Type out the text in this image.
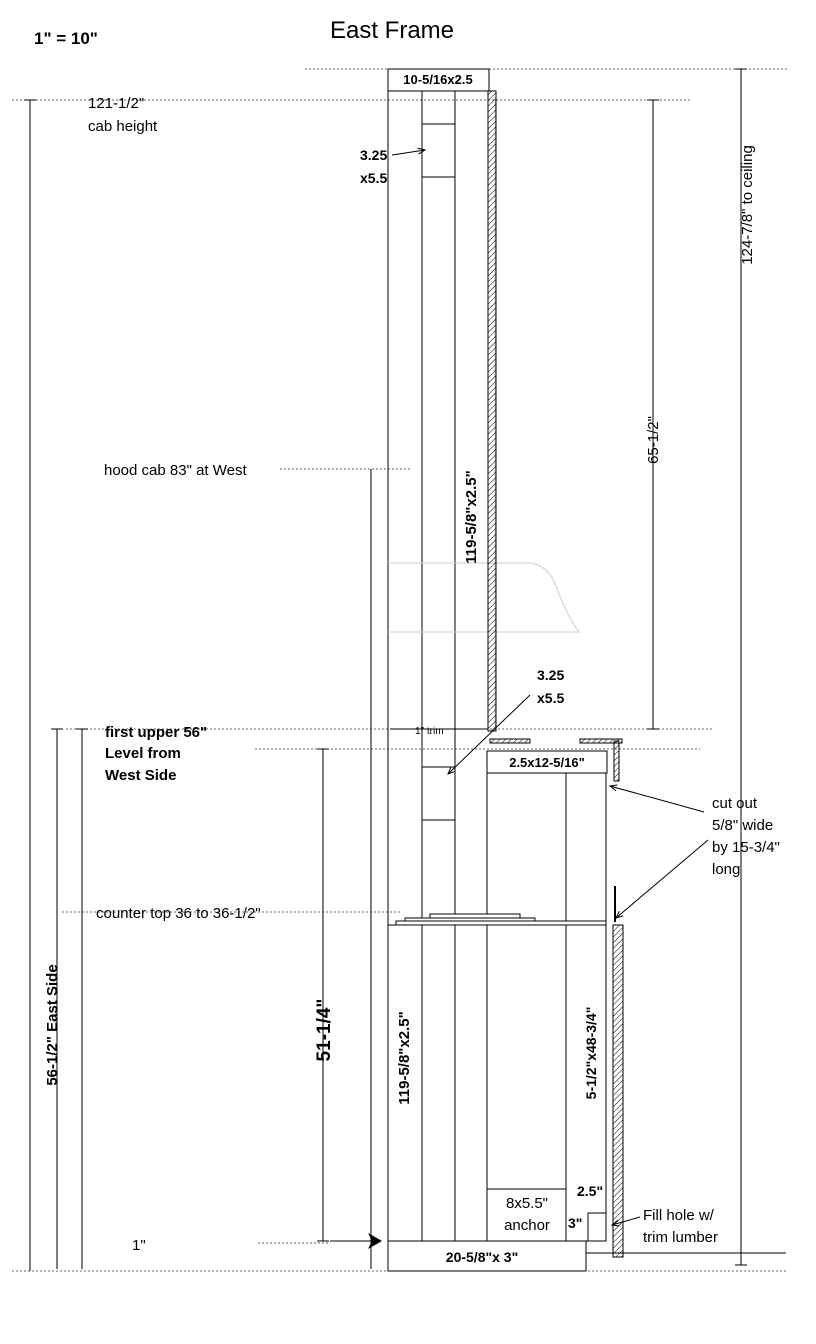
East Frame
1" = 10"
121-1/2"
cab height
10-5/16x2.5
3.25
x5.5
3.25
x5.5
124-7/8" to ceiling
65-1/2"
hood cab 83" at West	119-5/8"x2.5"
first upper 56"
Level from
West Side
1" trim
2.5x12-5/16"
cut out
5/8" wide
by 15-3/4"
long
counter top 36 to 36-1/2"
56-1/2" East Side	51-1/4"	119-5/8"x2.5"	5-1/2"x48-3/4"
8x5.5"
anchor
2.5"
3"	Fill hole w/
trim lumber
20-5/8"x 3"
1"
